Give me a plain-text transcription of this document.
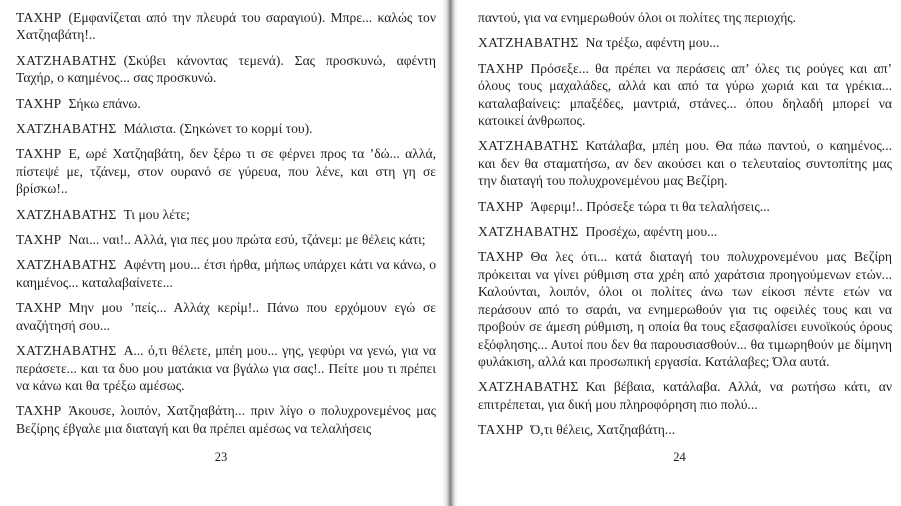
ΤΑΧΗΡ (Εμφανίζεται από την πλευρά του σαραγιού). Μπρε... καλώς τον Χατζηαβάτη!..

ΧΑΤΖΗΑΒΑΤΗΣ (Σκύβει κάνοντας τεμενά). Σας προσκυνώ, αφέντη Ταχήρ, ο καημένος... σας προσκυνώ.

ΤΑΧΗΡ Σήκω επάνω.

ΧΑΤΖΗΑΒΑΤΗΣ Μάλιστα. (Σηκώνετ το κορμί του).

ΤΑΧΗΡ Ε, ωρέ Χατζηαβάτη, δεν ξέρω τι σε φέρνει προς τα ’δώ... αλλά, πίστεψέ με, τζάνεμ, στον ουρανό σε γύρευα, που λένε, και στη γη σε βρίσκω!..

ΧΑΤΖΗΑΒΑΤΗΣ Τι μου λέτε;

ΤΑΧΗΡ Ναι... ναι!.. Αλλά, για πες μου πρώτα εσύ, τζάνεμ: με θέλεις κάτι;

ΧΑΤΖΗΑΒΑΤΗΣ Αφέντη μου... έτσι ήρθα, μήπως υπάρχει κάτι να κάνω, ο καημένος... καταλαβαίνετε...

ΤΑΧΗΡ Μην μου ’πείς... Αλλάχ κερίμ!.. Πάνω που ερχόμουν εγώ σε αναζήτησή σου...

ΧΑΤΖΗΑΒΑΤΗΣ Α... ό,τι θέλετε, μπέη μου... γης, γεφύρι να γενώ, για να περάσετε... και τα δυο μου ματάκια να βγάλω για σας!.. Πείτε μου τι πρέπει να κάνω και θα τρέξω αμέσως.

ΤΑΧΗΡ Άκουσε, λοιπόν, Χατζηαβάτη... πριν λίγο ο πολυχρονεμένος μας Βεζίρης έβγαλε μια διαταγή και θα πρέπει αμέσως να τελαλήσεις

23

παντού, για να ενημερωθούν όλοι οι πολίτες της περιοχής.

ΧΑΤΖΗΑΒΑΤΗΣ Να τρέξω, αφέντη μου...

ΤΑΧΗΡ Πρόσεξε... θα πρέπει να περάσεις απ’ όλες τις ρούγες και απ’ όλους τους μαχαλάδες, αλλά και από τα γύρω χωριά και τα γρέκια... καταλαβαίνεις: μπαξέδες, μαντριά, στάνες... όπου δηλαδή μπορεί να κατοικεί άνθρωπος.

ΧΑΤΖΗΑΒΑΤΗΣ Κατάλαβα, μπέη μου. Θα πάω παντού, ο καημένος... και δεν θα σταματήσω, αν δεν ακούσει και ο τελευταίος συντοπίτης μας την διαταγή του πολυχρονεμένου μας Βεζίρη.

ΤΑΧΗΡ Άφεριμ!.. Πρόσεξε τώρα τι θα τελαλήσεις...

ΧΑΤΖΗΑΒΑΤΗΣ Προσέχω, αφέντη μου...

ΤΑΧΗΡ Θα λες ότι... κατά διαταγή του πολυχρονεμένου μας Βεζίρη πρόκειται να γίνει ρύθμιση στα χρέη από χαράτσια προηγούμενων ετών... Καλούνται, λοιπόν, όλοι οι πολίτες άνω των είκοσι πέντε ετών να περάσουν από το σαράι, να ενημερωθούν για τις οφειλές τους και να προβούν σε άμεση ρύθμιση, η οποία θα τους εξασφαλίσει ευνοϊκούς όρους εξόφλησης... Αυτοί που δεν θα παρουσιασθούν... θα τιμωρηθούν με δίμηνη φυλάκιση, αλλά και προσωπική εργασία. Κατάλαβες; Όλα αυτά.

ΧΑΤΖΗΑΒΑΤΗΣ Και βέβαια, κατάλαβα. Αλλά, να ρωτήσω κάτι, αν επιτρέπεται, για δική μου πληροφόρηση πιο πολύ...

ΤΑΧΗΡ Ό,τι θέλεις, Χατζηαβάτη...

24
